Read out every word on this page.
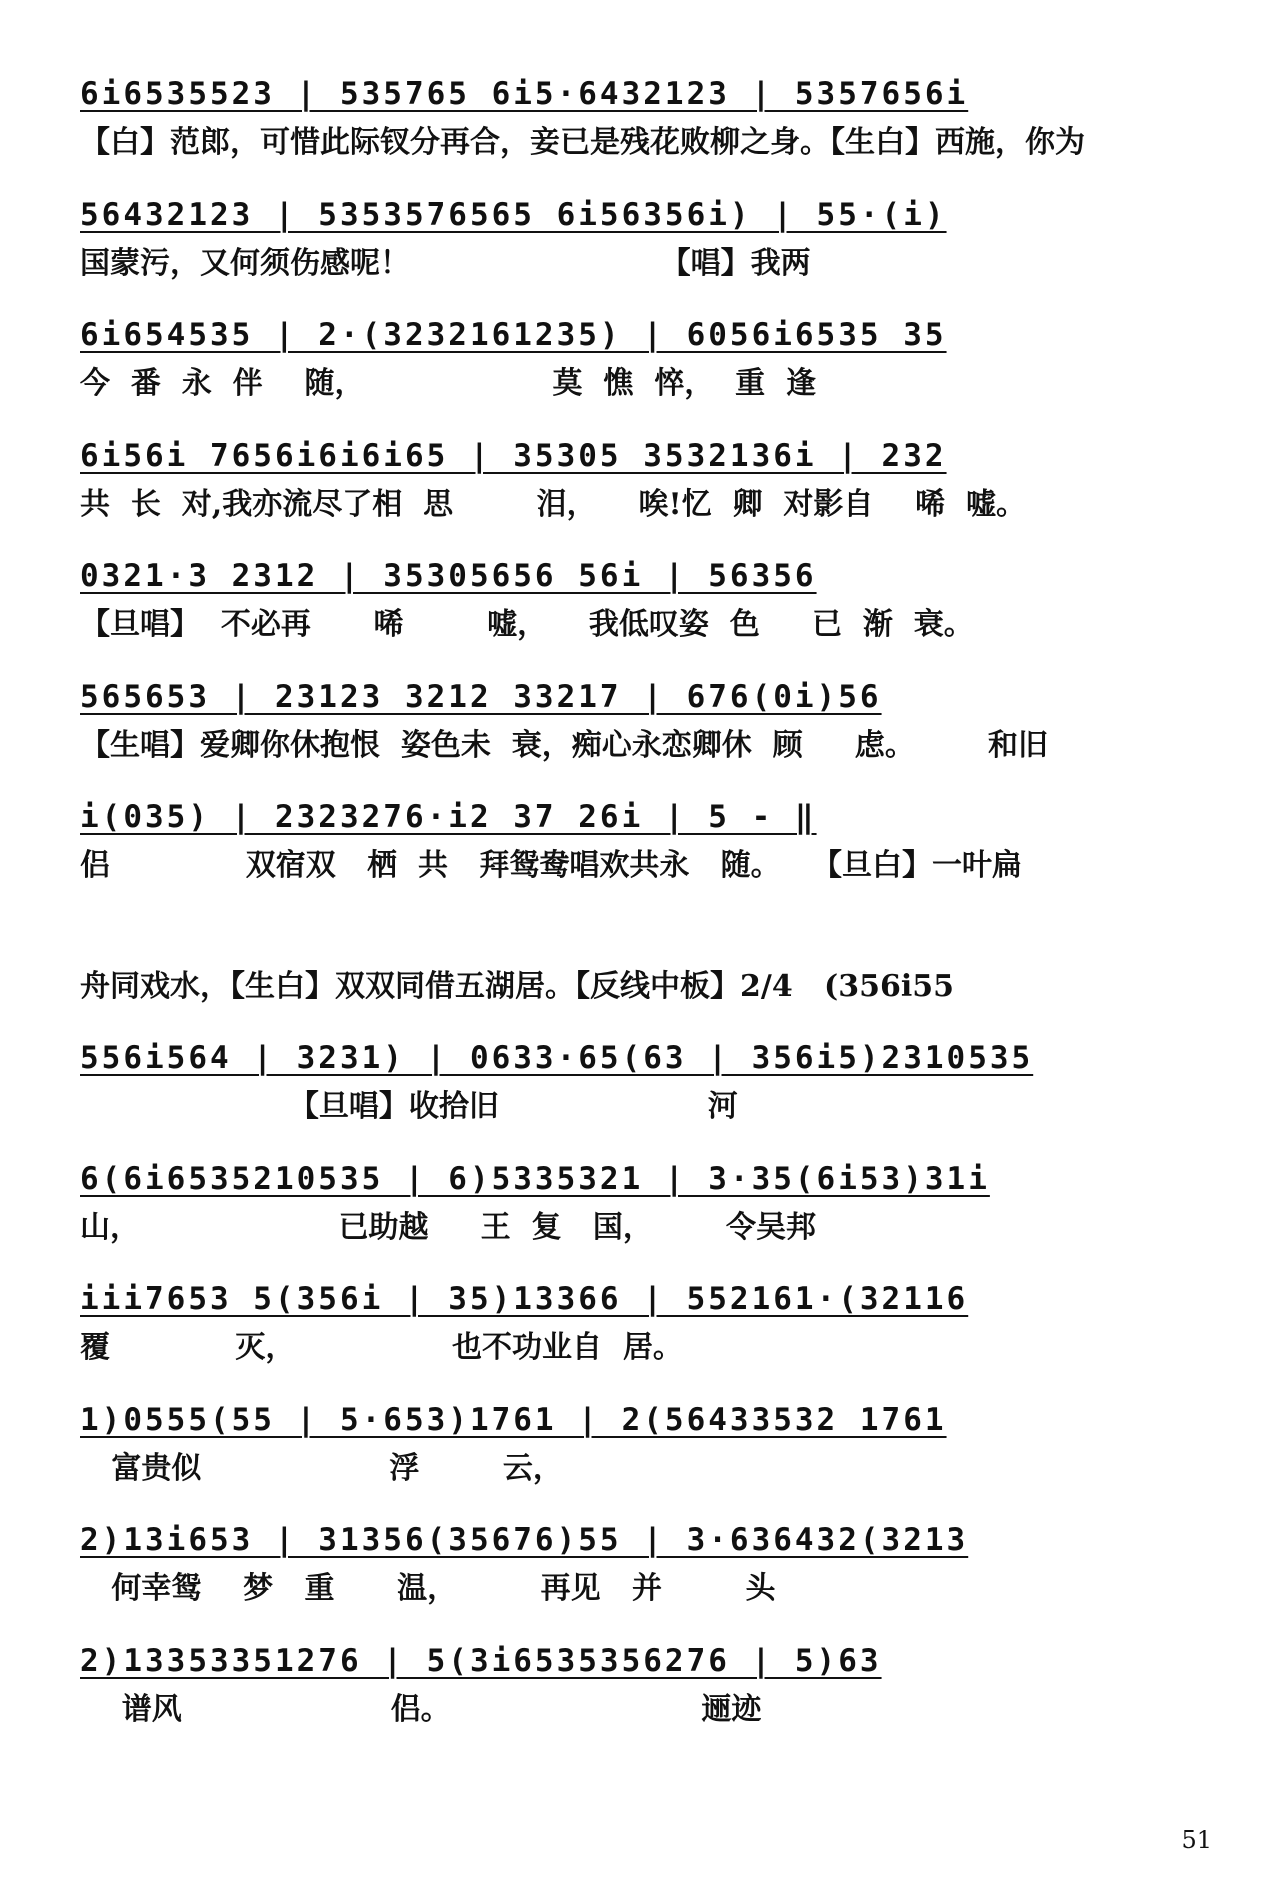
6i6535523 | 535765 6i5·6432123 | 5357656i
【白】范郎，可惜此际钗分再合，妾已是残花败柳之身。【生白】西施，你为
56432123 | 5353576565 6i56356i) | 55·(i)
国蒙污，又何须伤感呢！                        【唱】我两
6i654535 | 2·(3232161235) | 6056i6535 35
今  番  永  伴    随，                  莫  憔  悴，  重  逢
6i56i 7656i6i6i65 | 35305 3532136i | 232
共  长  对,我亦流尽了相  思        泪，    唉!忆  卿  对影自    唏  嘘。
0321·3 2312 | 35305656 56i | 56356
【旦唱】  不必再      唏        嘘，    我低叹姿  色     已  渐  衰。
565653 | 23123 3212 33217 | 676(0i)56
【生唱】爱卿你休抱恨  姿色未  衰，痴心永恋卿休  顾     虑。       和旧
i(035) | 2323276·i2 37 26i | 5 - ‖
侣             双宿双   栖  共   拜鸳鸯唱欢共永   随。   【旦白】一叶扁
舟同戏水，【生白】双双同借五湖居。【反线中板】2/4   (356i55
556i564 | 3231) | 0633·65(63 | 356i5)2310535
【旦唱】收拾旧                    河
6(6i6535210535 | 6)5335321 | 3·35(6i53)31i
山，                   已助越     王  复   国，       令吴邦
iii7653 5(356i | 35)13366 | 552161·(32116
覆            灭，               也不功业自  居。
1)0555(55 | 5·653)1761 | 2(56433532 1761
富贵似                  浮        云，
2)13i653 | 31356(35676)55 | 3·636432(3213
何幸鸳    梦   重      温，        再见   并        头
2)13353351276 | 5(3i6535356276 | 5)63
谱风                    侣。                        逦迹
51
